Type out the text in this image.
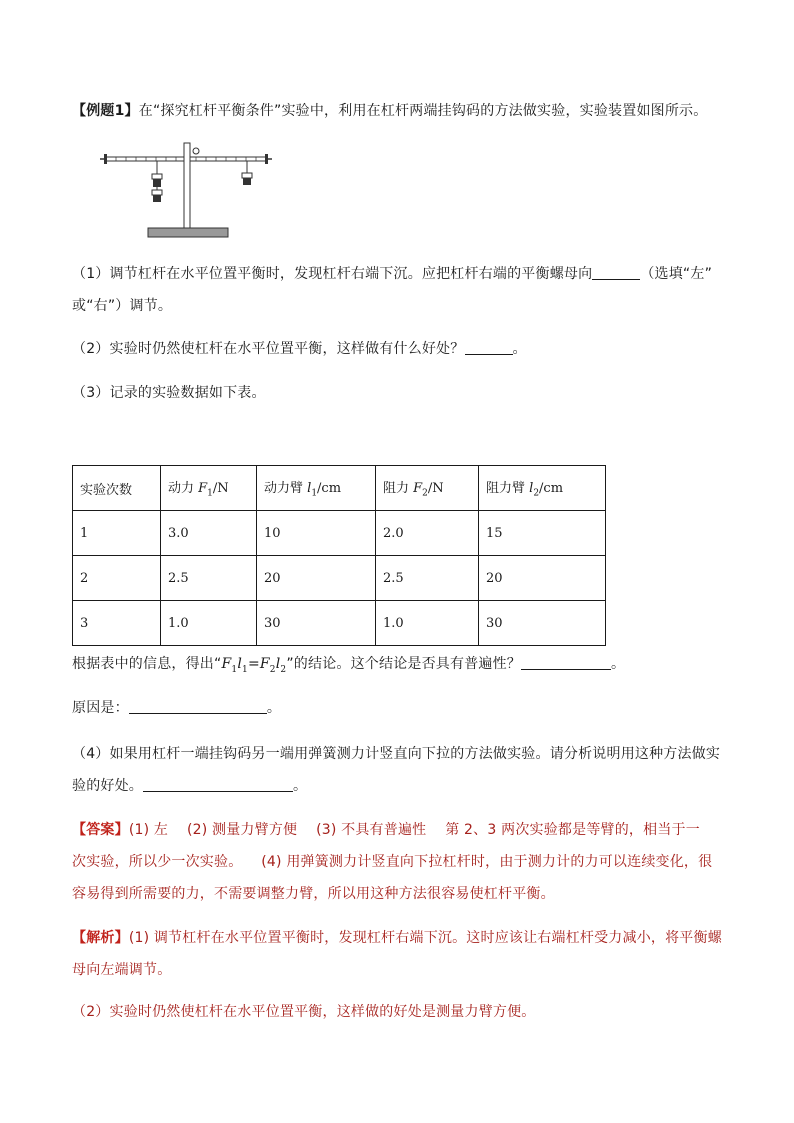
【例题1】在“探究杠杆平衡条件”实验中，利用在杠杆两端挂钩码的方法做实验，实验装置如图所示。
（1）调节杠杆在水平位置平衡时，发现杠杆右端下沉。应把杠杆右端的平衡螺母向	（选填“左”
或“右”）调节。
（2）实验时仍然使杠杆在水平位置平衡，这样做有什么好处？	。
（3）记录的实验数据如下表。
实验次数	动力 $F_1/N$	动力臂 $l_1/cm$	阻力 $F_2/N$	阻力臂 $l_2/cm$
1	3.0	10	2.0	15
2	2.5	20	2.5	20
3	1.0	30	1.0	30
根据表中的信息，得出“$F_1l_1=F_2l_2$”的结论。这个结论是否具有普遍性？	。
原因是：	。
（4）如果用杠杆一端挂钩码另一端用弹簧测力计竖直向下拉的方法做实验。请分析说明用这种方法做实
验的好处。	。
【答案】(1) 左 　(2) 测量力臂方便 　(3) 不具有普遍性 　第 2、3 两次实验都是等臂的，相当于一
次实验，所以少一次实验。 　(4) 用弹簧测力计竖直向下拉杠杆时，由于测力计的力可以连续变化，很
容易得到所需要的力，不需要调整力臂，所以用这种方法很容易使杠杆平衡。
【解析】(1) 调节杠杆在水平位置平衡时，发现杠杆右端下沉。这时应该让右端杠杆受力减小，将平衡螺
母向左端调节。
（2）实验时仍然使杠杆在水平位置平衡，这样做的好处是测量力臂方便。
